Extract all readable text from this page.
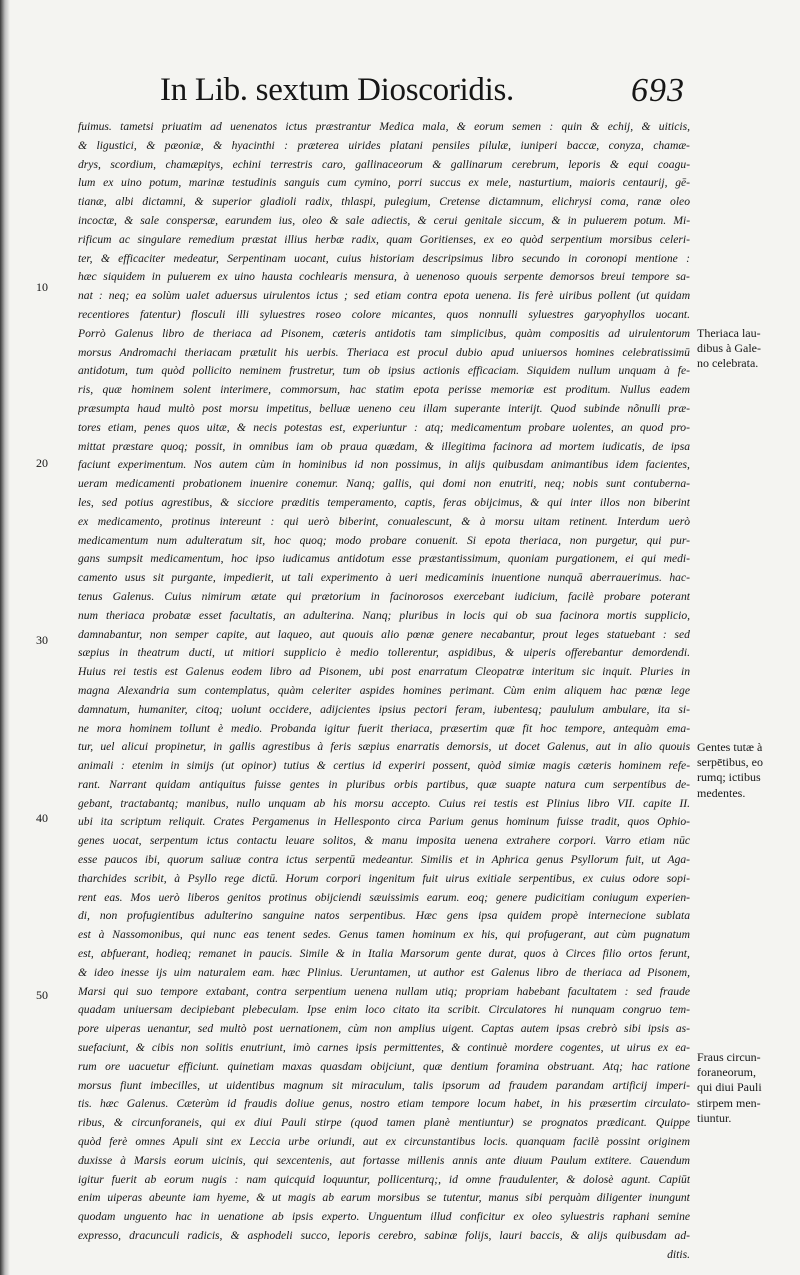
In Lib. sextum Dioscoridis.	693
10
20
30
40
50
fuimus. tametsi priuatim ad uenenatos ictus præstrantur Medica mala, & eorum semen : quin & echij, & uiticis,
& ligustici, & pæoniæ, & hyacinthi : præterea uirides platani pensiles pilulæ, iuniperi baccæ, conyza, chamæ-
drys, scordium, chamæpitys, echini terrestris caro, gallinaceorum & gallinarum cerebrum, leporis & equi coagu-
lum ex uino potum, marinæ testudinis sanguis cum cymino, porri succus ex mele, nasturtium, maioris centaurij, gē-
tianæ, albi dictamni, & superior gladioli radix, thlaspi, pulegium, Cretense dictamnum, elichrysi coma, ranæ oleo
incoctæ, & sale conspersæ, earundem ius, oleo & sale adiectis, & cerui genitale siccum, & in puluerem potum. Mi-
rificum ac singulare remedium præstat illius herbæ radix, quam Goritienses, ex eo quòd serpentium morsibus celeri-
ter, & efficaciter medeatur, Serpentinam uocant, cuius historiam descripsimus libro secundo in coronopi mentione :
hæc siquidem in puluerem ex uino hausta cochlearis mensura, à uenenoso quouis serpente demorsos breui tempore sa-
nat : neq; ea solùm ualet aduersus uirulentos ictus ; sed etiam contra epota uenena. Iis ferè uiribus pollent (ut quidam
recentiores fatentur) flosculi illi syluestres roseo colore micantes, quos nonnulli syluestres garyophyllos uocant.
Porrò Galenus libro de theriaca ad Pisonem, cæteris antidotis tam simplicibus, quàm compositis ad uirulentorum
morsus Andromachi theriacam prætulit his uerbis. Theriaca est procul dubio apud uniuersos homines celebratissimū
antidotum, tum quòd pollicito neminem frustretur, tum ob ipsius actionis efficaciam. Siquidem nullum unquam à fe-
ris, quæ hominem solent interimere, commorsum, hac statim epota perisse memoriæ est proditum. Nullus eadem
præsumpta haud multò post morsu impetitus, belluæ ueneno ceu illam superante interijt. Quod subinde nõnulli præ-
tores etiam, penes quos uitæ, & necis potestas est, experiuntur : atq; medicamentum probare uolentes, an quod pro-
mittat præstare quoq; possit, in omnibus iam ob praua quædam, & illegitima facinora ad mortem iudicatis, de ipsa
faciunt experimentum. Nos autem cùm in hominibus id non possimus, in alijs quibusdam animantibus idem facientes,
ueram medicamenti probationem inuenire conemur. Nanq; gallis, qui domi non enutriti, neq; nobis sunt contuberna-
les, sed potius agrestibus, & sicciore præditis temperamento, captis, feras obijcimus, & qui inter illos non biberint
ex medicamento, protinus intereunt : qui uerò biberint, conualescunt, & à morsu uitam retinent. Interdum uerò
medicamentum num adulteratum sit, hoc quoq; modo probare conuenit. Si epota theriaca, non purgetur, qui pur-
gans sumpsit medicamentum, hoc ipso iudicamus antidotum esse præstantissimum, quoniam purgationem, ei qui medi-
camento usus sit purgante, impedierit, ut tali experimento à ueri medicaminis inuentione nunquā aberrauerimus. hac-
tenus Galenus. Cuius nimirum ætate qui prætorium in facinorosos exercebant iudicium, facilè probare poterant
num theriaca probatæ esset facultatis, an adulterina. Nanq; pluribus in locis qui ob sua facinora mortis supplicio,
damnabantur, non semper capite, aut laqueo, aut quouis alio pœnæ genere necabantur, prout leges statuebant : sed
sæpius in theatrum ducti, ut mitiori supplicio è medio tollerentur, aspidibus, & uiperis offerebantur demordendi.
Huius rei testis est Galenus eodem libro ad Pisonem, ubi post enarratum Cleopatræ interitum sic inquit. Pluries in
magna Alexandria sum contemplatus, quàm celeriter aspides homines perimant. Cùm enim aliquem hac pœnæ lege
damnatum, humaniter, citoq; uolunt occidere, adijcientes ipsius pectori feram, iubentesq; paululum ambulare, ita si-
ne mora hominem tollunt è medio. Probanda igitur fuerit theriaca, præsertim quæ fit hoc tempore, antequàm ema-
tur, uel alicui propinetur, in gallis agrestibus à feris sæpius enarratis demorsis, ut docet Galenus, aut in alio quouis
animali : etenim in simijs (ut opinor) tutius & certius id experiri possent, quòd simiæ magis cæteris hominem refe-
rant. Narrant quidam antiquitus fuisse gentes in pluribus orbis partibus, quæ suapte natura cum serpentibus de-
gebant, tractabantq; manibus, nullo unquam ab his morsu accepto. Cuius rei testis est Plinius libro VII. capite II.
ubi ita scriptum reliquit. Crates Pergamenus in Hellesponto circa Parium genus hominum fuisse tradit, quos Ophio-
genes uocat, serpentum ictus contactu leuare solitos, & manu imposita uenena extrahere corpori. Varro etiam nūc
esse paucos ibi, quorum saliuæ contra ictus serpentū medeantur. Similis et in Aphrica genus Psyllorum fuit, ut Aga-
tharchides scribit, à Psyllo rege dictū. Horum corpori ingenitum fuit uirus exitiale serpentibus, ex cuius odore sopi-
rent eas. Mos uerò liberos genitos protinus obijciendi sæuissimis earum. eoq; genere pudicitiam coniugum experien-
di, non profugientibus adulterino sanguine natos serpentibus. Hæc gens ipsa quidem propè internecione sublata
est à Nassomonibus, qui nunc eas tenent sedes. Genus tamen hominum ex his, qui profugerant, aut cùm pugnatum
est, abfuerant, hodieq; remanet in paucis. Simile & in Italia Marsorum gente durat, quos à Circes filio ortos ferunt,
& ideo inesse ijs uim naturalem eam. hæc Plinius. Ueruntamen, ut author est Galenus libro de theriaca ad Pisonem,
Marsi qui suo tempore extabant, contra serpentium uenena nullam utiq; propriam habebant facultatem : sed fraude
quadam uniuersam decipiebant plebeculam. Ipse enim loco citato ita scribit. Circulatores hi nunquam congruo tem-
pore uiperas uenantur, sed multò post uernationem, cùm non amplius uigent. Captas autem ipsas crebrò sibi ipsis as-
suefaciunt, & cibis non solitis enutriunt, imò carnes ipsis permittentes, & continuè mordere cogentes, ut uirus ex ea-
rum ore uacuetur efficiunt. quinetiam maxas quasdam obijciunt, quæ dentium foramina obstruant. Atq; hac ratione
morsus fiunt imbecilles, ut uidentibus magnum sit miraculum, talis ipsorum ad fraudem parandam artificij imperi-
tis. hæc Galenus. Cæterùm id fraudis doliue genus, nostro etiam tempore locum habet, in his præsertim circulato-
ribus, & circunforaneis, qui ex diui Pauli stirpe (quod tamen planè mentiuntur) se prognatos prædicant. Quippe
quòd ferè omnes Apuli sint ex Leccia urbe oriundi, aut ex circunstantibus locis. quanquam facilè possint originem
duxisse à Marsis eorum uicinis, qui sexcentenis, aut fortasse millenis annis ante diuum Paulum extitere. Cauendum
igitur fuerit ab eorum nugis : nam quicquid loquuntur, pollicenturq;, id omne fraudulenter, & dolosè agunt. Capiūt
enim uiperas abeunte iam hyeme, & ut magis ab earum morsibus se tutentur, manus sibi perquàm diligenter inungunt
quodam unguento hac in uenatione ab ipsis experto. Unguentum illud conficitur ex oleo syluestris raphani semine
expresso, dracunculi radicis, & asphodeli succo, leporis cerebro, sabinæ folijs, lauri baccis, & alijs quibusdam ad-
ditis.
Theriaca lau-
dibus à Gale-
no celebrata.
Gentes tutæ à
serpētibus, eo
rumq; ictibus
medentes.
Fraus circun-
foraneorum,
qui diui Pauli
stirpem men-
tiuntur.
